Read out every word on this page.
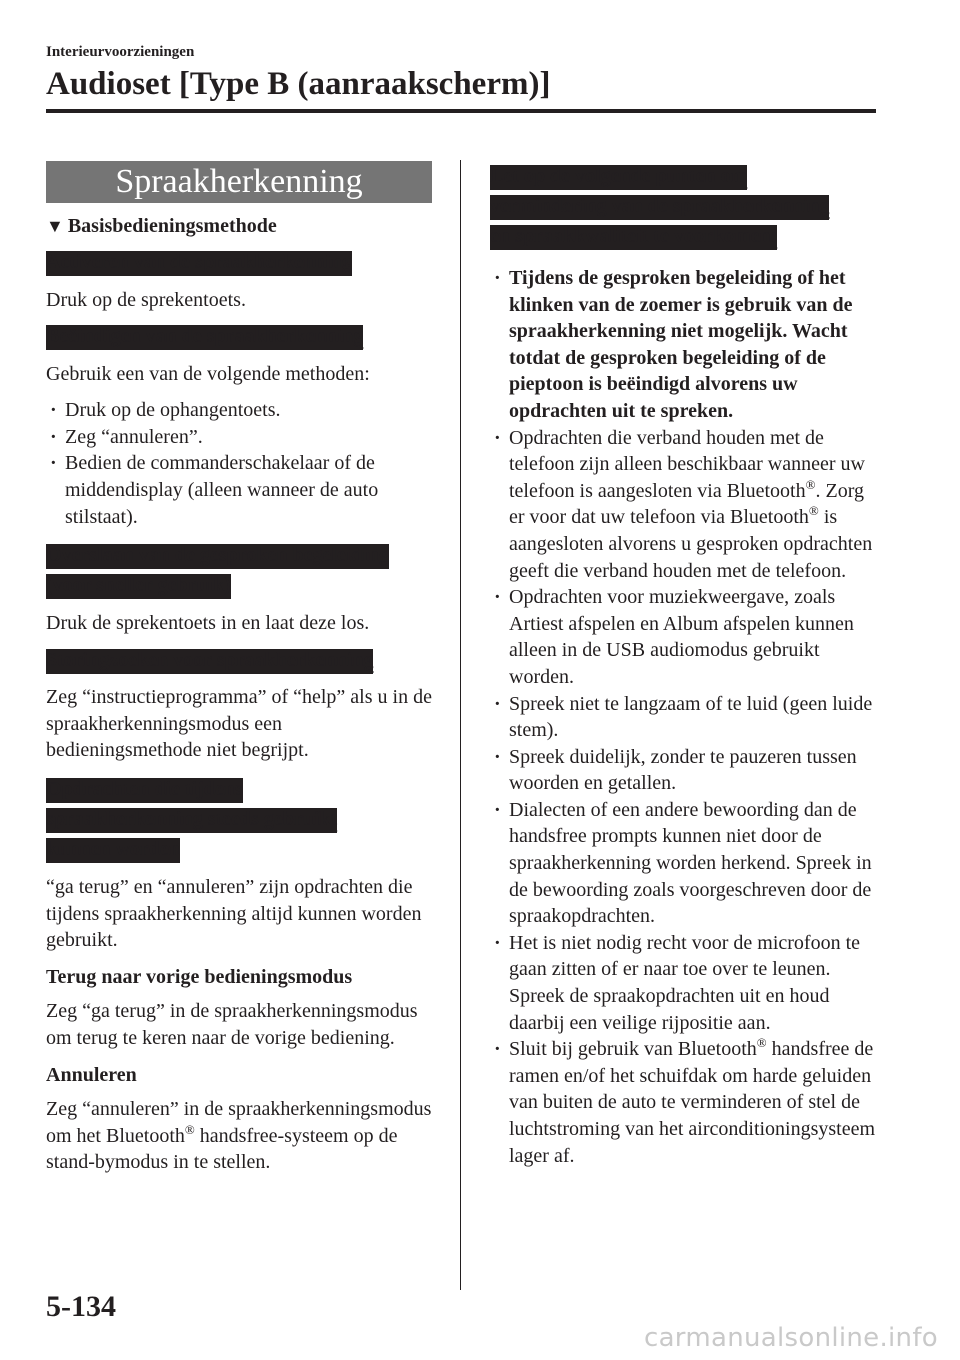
Interieurvoorzieningen
Audioset [Type B (aanraakscherm)]
Spraakherkenning
▼ Basisbedieningsmethode
Activeren van de spraakherkenning
Druk op de sprekentoets.
Beëindigen van de spraakherkenning
Gebruik een van de volgende methoden:
· Druk op de ophangentoets.
· Zeg “annuleren”.
· Bedien de commanderschakelaar of de middendisplay (alleen wanneer de auto stilstaat).
Overslaan van de gesproken begeleiding
(voor sneller gebruik)
Druk de sprekentoets in en laat deze los.
Storingzoeken voor spraakherkenning
Zeg “instructieprogramma” of “help” als u in de spraakherkenningsmodus een bedieningsmethode niet begrijpt.
Opdrachten die tijdens
spraakherkenning steeds gebruikt
kunnen worden
“ga terug” en “annuleren” zijn opdrachten die tijdens spraakherkenning altijd kunnen worden gebruikt.
Terug naar vorige bedieningsmodus
Zeg “ga terug” in de spraakherkenningsmodus om terug te keren naar de vorige bediening.
Annuleren
Zeg “annuleren” in de spraakherkenningsmodus om het Bluetooth® handsfree-systeem op de stand-bymodus in te stellen.
Let op de volgende punten om
vermindering van de spraakherkenning
en spraakkwaliteit te voorkomen:
· Tijdens de gesproken begeleiding of het klinken van de zoemer is gebruik van de spraakherkenning niet mogelijk. Wacht totdat de gesproken begeleiding of de pieptoon is beëindigd alvorens uw opdrachten uit te spreken.
· Opdrachten die verband houden met de telefoon zijn alleen beschikbaar wanneer uw telefoon is aangesloten via Bluetooth®. Zorg er voor dat uw telefoon via Bluetooth® is aangesloten alvorens u gesproken opdrachten geeft die verband houden met de telefoon.
· Opdrachten voor muziekweergave, zoals Artiest afspelen en Album afspelen kunnen alleen in de USB audiomodus gebruikt worden.
· Spreek niet te langzaam of te luid (geen luide stem).
· Spreek duidelijk, zonder te pauzeren tussen woorden en getallen.
· Dialecten of een andere bewoording dan de handsfree prompts kunnen niet door de spraakherkenning worden herkend. Spreek in de bewoording zoals voorgeschreven door de spraakopdrachten.
· Het is niet nodig recht voor de microfoon te gaan zitten of er naar toe over te leunen. Spreek de spraakopdrachten uit en houd daarbij een veilige rijpositie aan.
· Sluit bij gebruik van Bluetooth® handsfree de ramen en/of het schuifdak om harde geluiden van buiten de auto te verminderen of stel de luchtstroming van het airconditioningsysteem lager af.
5-134
carmanualsonline.info
